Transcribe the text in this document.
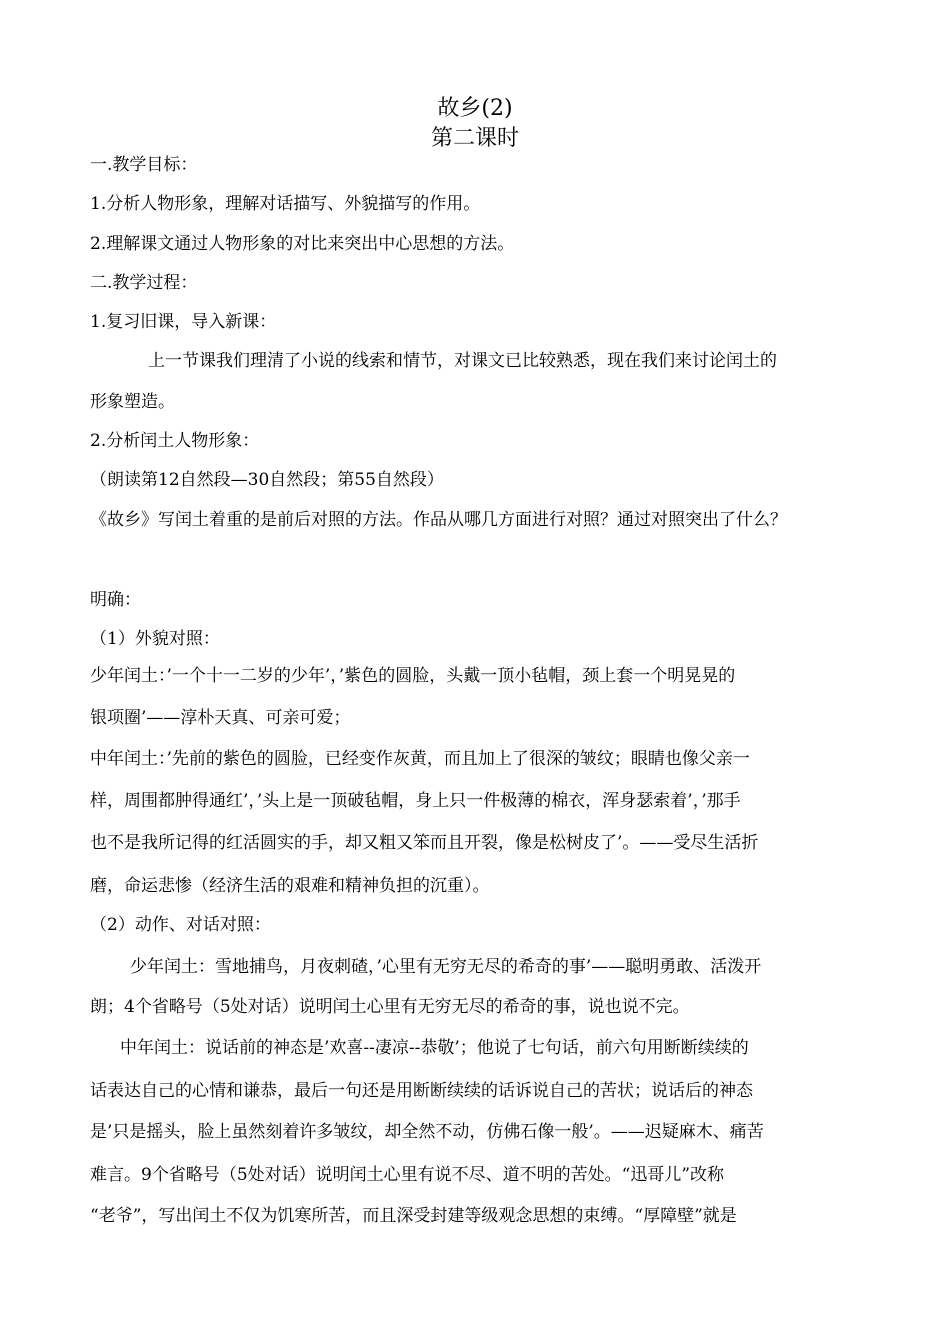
故乡(2)
第二课时
一.教学目标：
1.分析人物形象，理解对话描写、外貌描写的作用。
2.理解课文通过人物形象的对比来突出中心思想的方法。
二.教学过程：
1.复习旧课，导入新课：
上一节课我们理清了小说的线索和情节，对课文已比较熟悉，现在我们来讨论闰土的
形象塑造。
2.分析闰土人物形象：
（朗读第12自然段—30自然段；第55自然段）
《故乡》写闰土着重的是前后对照的方法。作品从哪几方面进行对照？通过对照突出了什么？
明确：
（1）外貌对照：
少年闰土：’一个十一二岁的少年’，’紫色的圆脸，头戴一顶小毡帽，颈上套一个明晃晃的
银项圈’——淳朴天真、可亲可爱；
中年闰土：’先前的紫色的圆脸，已经变作灰黄，而且加上了很深的皱纹；眼睛也像父亲一
样，周围都肿得通红’，’头上是一顶破毡帽，身上只一件极薄的棉衣，浑身瑟索着’，’那手
也不是我所记得的红活圆实的手，却又粗又笨而且开裂，像是松树皮了’。——受尽生活折
磨，命运悲惨（经济生活的艰难和精神负担的沉重）。
（2）动作、对话对照：
少年闰土：雪地捕鸟，月夜刺碴，’心里有无穷无尽的希奇的事’——聪明勇敢、活泼开
朗；4个省略号（5处对话）说明闰土心里有无穷无尽的希奇的事，说也说不完。
中年闰土：说话前的神态是’欢喜--凄凉--恭敬’；他说了七句话，前六句用断断续续的
话表达自己的心情和谦恭，最后一句还是用断断续续的话诉说自己的苦状；说话后的神态
是’只是摇头，脸上虽然刻着许多皱纹，却全然不动，仿佛石像一般’。——迟疑麻木、痛苦
难言。9个省略号（5处对话）说明闰土心里有说不尽、道不明的苦处。“迅哥儿”改称
“老爷”，写出闰土不仅为饥寒所苦，而且深受封建等级观念思想的束缚。“厚障壁”就是
